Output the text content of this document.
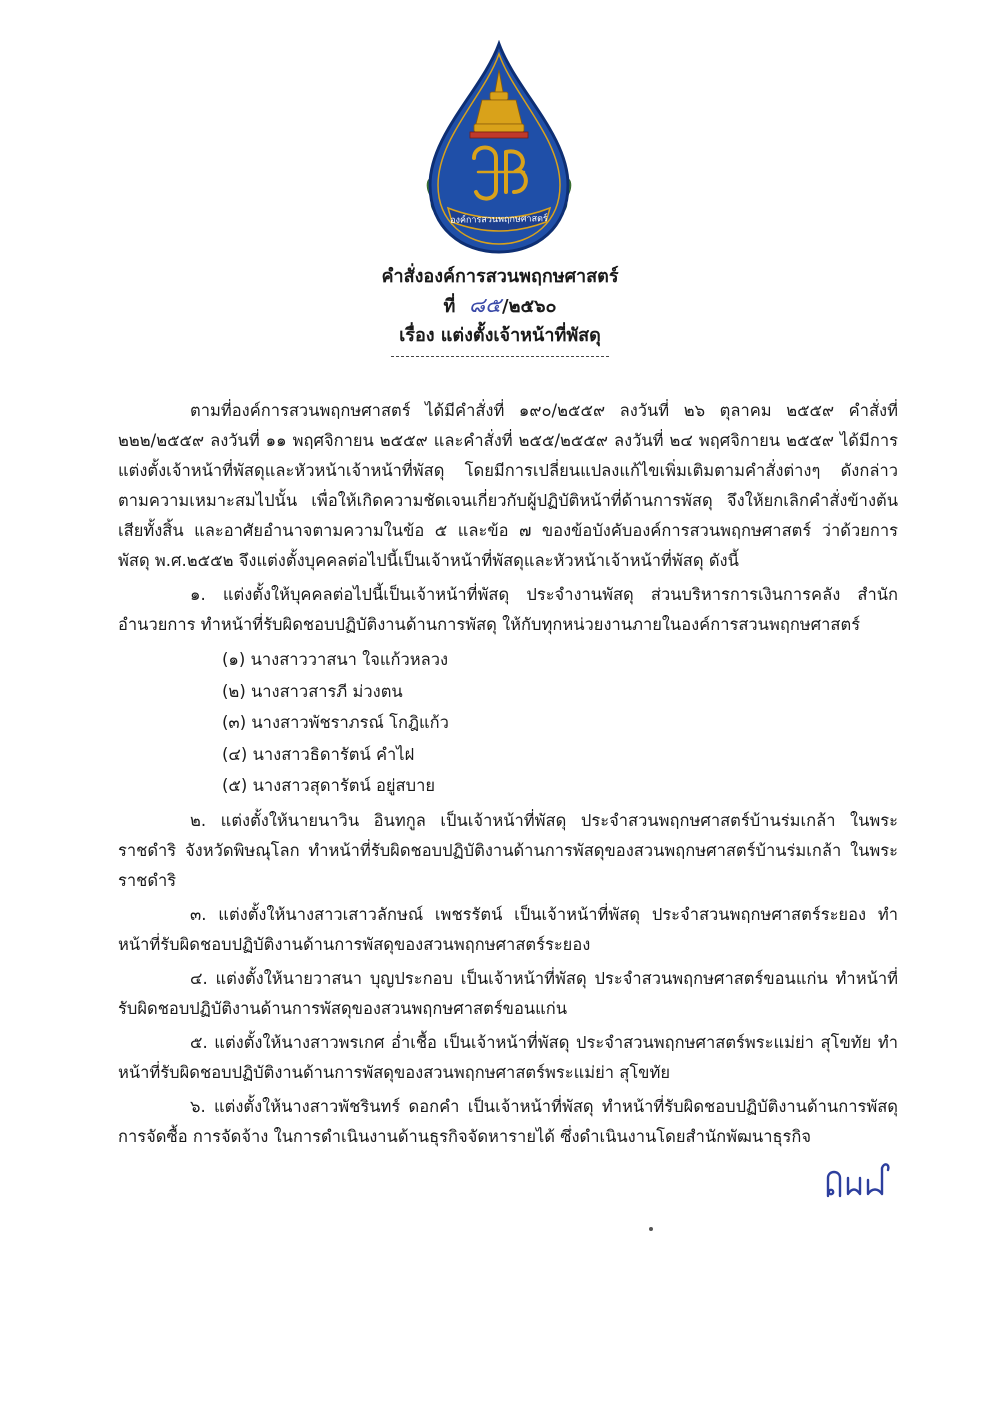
องค์การสวนพฤกษศาสตร์
คำสั่งองค์การสวนพฤกษศาสตร์
ที่ ๘๕/๒๕๖๐
เรื่อง แต่งตั้งเจ้าหน้าที่พัสดุ

ตามที่องค์การสวนพฤกษศาสตร์ ได้มีคำสั่งที่ ๑๙๐/๒๕๕๙ ลงวันที่ ๒๖ ตุลาคม ๒๕๕๙ คำสั่งที่ ๒๒๒/๒๕๕๙ ลงวันที่ ๑๑ พฤศจิกายน ๒๕๕๙ และคำสั่งที่ ๒๕๕/๒๕๕๙ ลงวันที่ ๒๔ พฤศจิกายน ๒๕๕๙ ได้มีการแต่งตั้งเจ้าหน้าที่พัสดุและหัวหน้าเจ้าหน้าที่พัสดุ โดยมีการเปลี่ยนแปลงแก้ไขเพิ่มเติมตามคำสั่งต่างๆ ดังกล่าว ตามความเหมาะสมไปนั้น เพื่อให้เกิดความชัดเจนเกี่ยวกับผู้ปฏิบัติหน้าที่ด้านการพัสดุ จึงให้ยกเลิกคำสั่งข้างต้นเสียทั้งสิ้น และอาศัยอำนาจตามความในข้อ ๕ และข้อ ๗ ของข้อบังคับองค์การสวนพฤกษศาสตร์ ว่าด้วยการพัสดุ พ.ศ.๒๕๕๒ จึงแต่งตั้งบุคคลต่อไปนี้เป็นเจ้าหน้าที่พัสดุและหัวหน้าเจ้าหน้าที่พัสดุ ดังนี้

๑. แต่งตั้งให้บุคคลต่อไปนี้เป็นเจ้าหน้าที่พัสดุ ประจำงานพัสดุ ส่วนบริหารการเงินการคลัง สำนักอำนวยการ ทำหน้าที่รับผิดชอบปฏิบัติงานด้านการพัสดุ ให้กับทุกหน่วยงานภายในองค์การสวนพฤกษศาสตร์

(๑) นางสาววาสนา ใจแก้วหลวง
(๒) นางสาวสารภี ม่วงตน
(๓) นางสาวพัชราภรณ์ โกฎิแก้ว
(๔) นางสาวธิดารัตน์ คำไฝ
(๕) นางสาวสุดารัตน์ อยู่สบาย

๒. แต่งตั้งให้นายนาวิน อินทกูล เป็นเจ้าหน้าที่พัสดุ ประจำสวนพฤกษศาสตร์บ้านร่มเกล้า ในพระราชดำริ จังหวัดพิษณุโลก ทำหน้าที่รับผิดชอบปฏิบัติงานด้านการพัสดุของสวนพฤกษศาสตร์บ้านร่มเกล้า ในพระราชดำริ

๓. แต่งตั้งให้นางสาวเสาวลักษณ์ เพชรรัตน์ เป็นเจ้าหน้าที่พัสดุ ประจำสวนพฤกษศาสตร์ระยอง ทำหน้าที่รับผิดชอบปฏิบัติงานด้านการพัสดุของสวนพฤกษศาสตร์ระยอง

๔. แต่งตั้งให้นายวาสนา บุญประกอบ เป็นเจ้าหน้าที่พัสดุ ประจำสวนพฤกษศาสตร์ขอนแก่น ทำหน้าที่รับผิดชอบปฏิบัติงานด้านการพัสดุของสวนพฤกษศาสตร์ขอนแก่น

๕. แต่งตั้งให้นางสาวพรเกศ อ่ำเชื้อ เป็นเจ้าหน้าที่พัสดุ ประจำสวนพฤกษศาสตร์พระแม่ย่า สุโขทัย ทำหน้าที่รับผิดชอบปฏิบัติงานด้านการพัสดุของสวนพฤกษศาสตร์พระแม่ย่า สุโขทัย

๖. แต่งตั้งให้นางสาวพัชรินทร์ ดอกคำ เป็นเจ้าหน้าที่พัสดุ ทำหน้าที่รับผิดชอบปฏิบัติงานด้านการพัสดุ การจัดซื้อ การจัดจ้าง ในการดำเนินงานด้านธุรกิจจัดหารายได้ ซึ่งดำเนินงานโดยสำนักพัฒนาธุรกิจ
